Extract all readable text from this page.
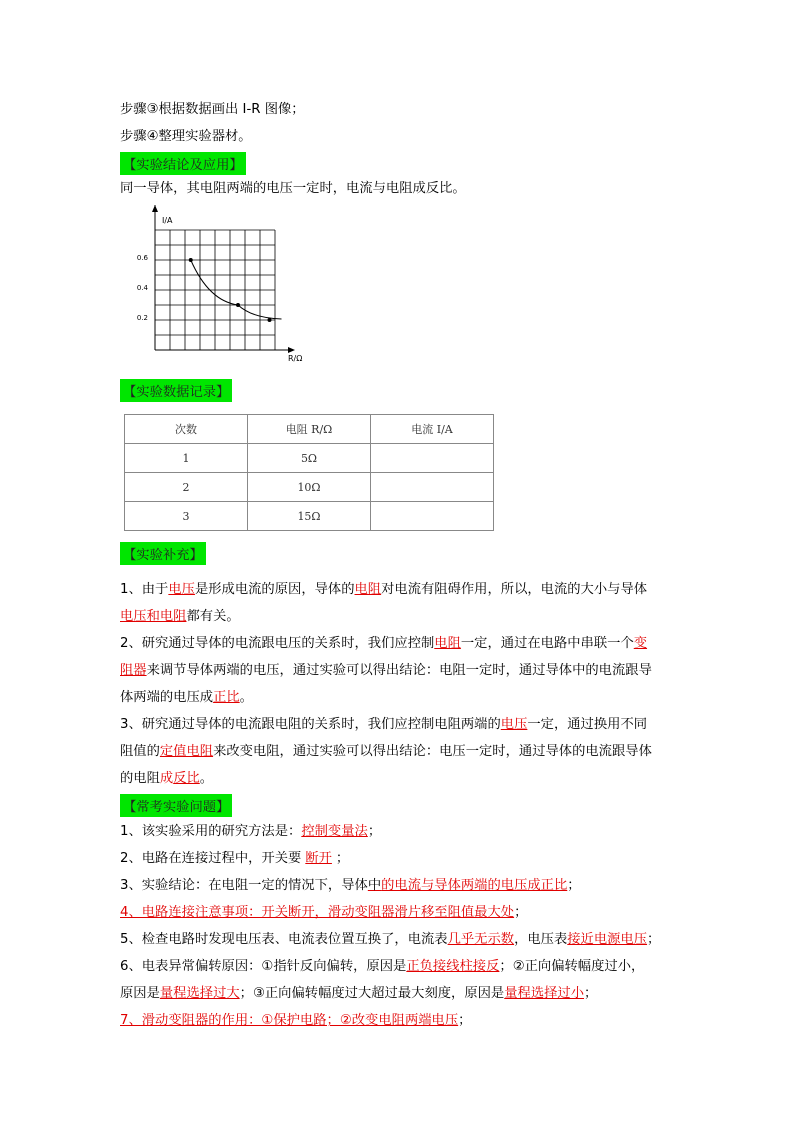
步骤③根据数据画出 I-R 图像；
步骤④整理实验器材。
【实验结论及应用】
同一导体，其电阻两端的电压一定时，电流与电阻成反比。
I/A
R/Ω
0.6
0.4
0.2
【实验数据记录】
次数	电阻 R/Ω	电流 I/A
1	5Ω	
2	10Ω	
3	15Ω	
【实验补充】
1、由于电压是形成电流的原因，导体的电阻对电流有阻碍作用，所以，电流的大小与导体
电压和电阻都有关。
2、研究通过导体的电流跟电压的关系时，我们应控制电阻一定，通过在电路中串联一个变
阻器来调节导体两端的电压，通过实验可以得出结论：电阻一定时，通过导体中的电流跟导
体两端的电压成正比。
3、研究通过导体的电流跟电阻的关系时，我们应控制电阻两端的电压一定，通过换用不同
阻值的定值电阻来改变电阻，通过实验可以得出结论：电压一定时，通过导体的电流跟导体
的电阻成反比。
【常考实验问题】
1、该实验采用的研究方法是：控制变量法；
2、电路在连接过程中，开关要 断开 ；
3、实验结论：在电阻一定的情况下，导体中的电流与导体两端的电压成正比；
4、电路连接注意事项：开关断开，滑动变阻器滑片移至阻值最大处；
5、检查电路时发现电压表、电流表位置互换了，电流表几乎无示数，电压表接近电源电压；
6、电表异常偏转原因：①指针反向偏转，原因是正负接线柱接反；②正向偏转幅度过小，
原因是量程选择过大；③正向偏转幅度过大超过最大刻度，原因是量程选择过小；
7、滑动变阻器的作用：①保护电路；②改变电阻两端电压；
